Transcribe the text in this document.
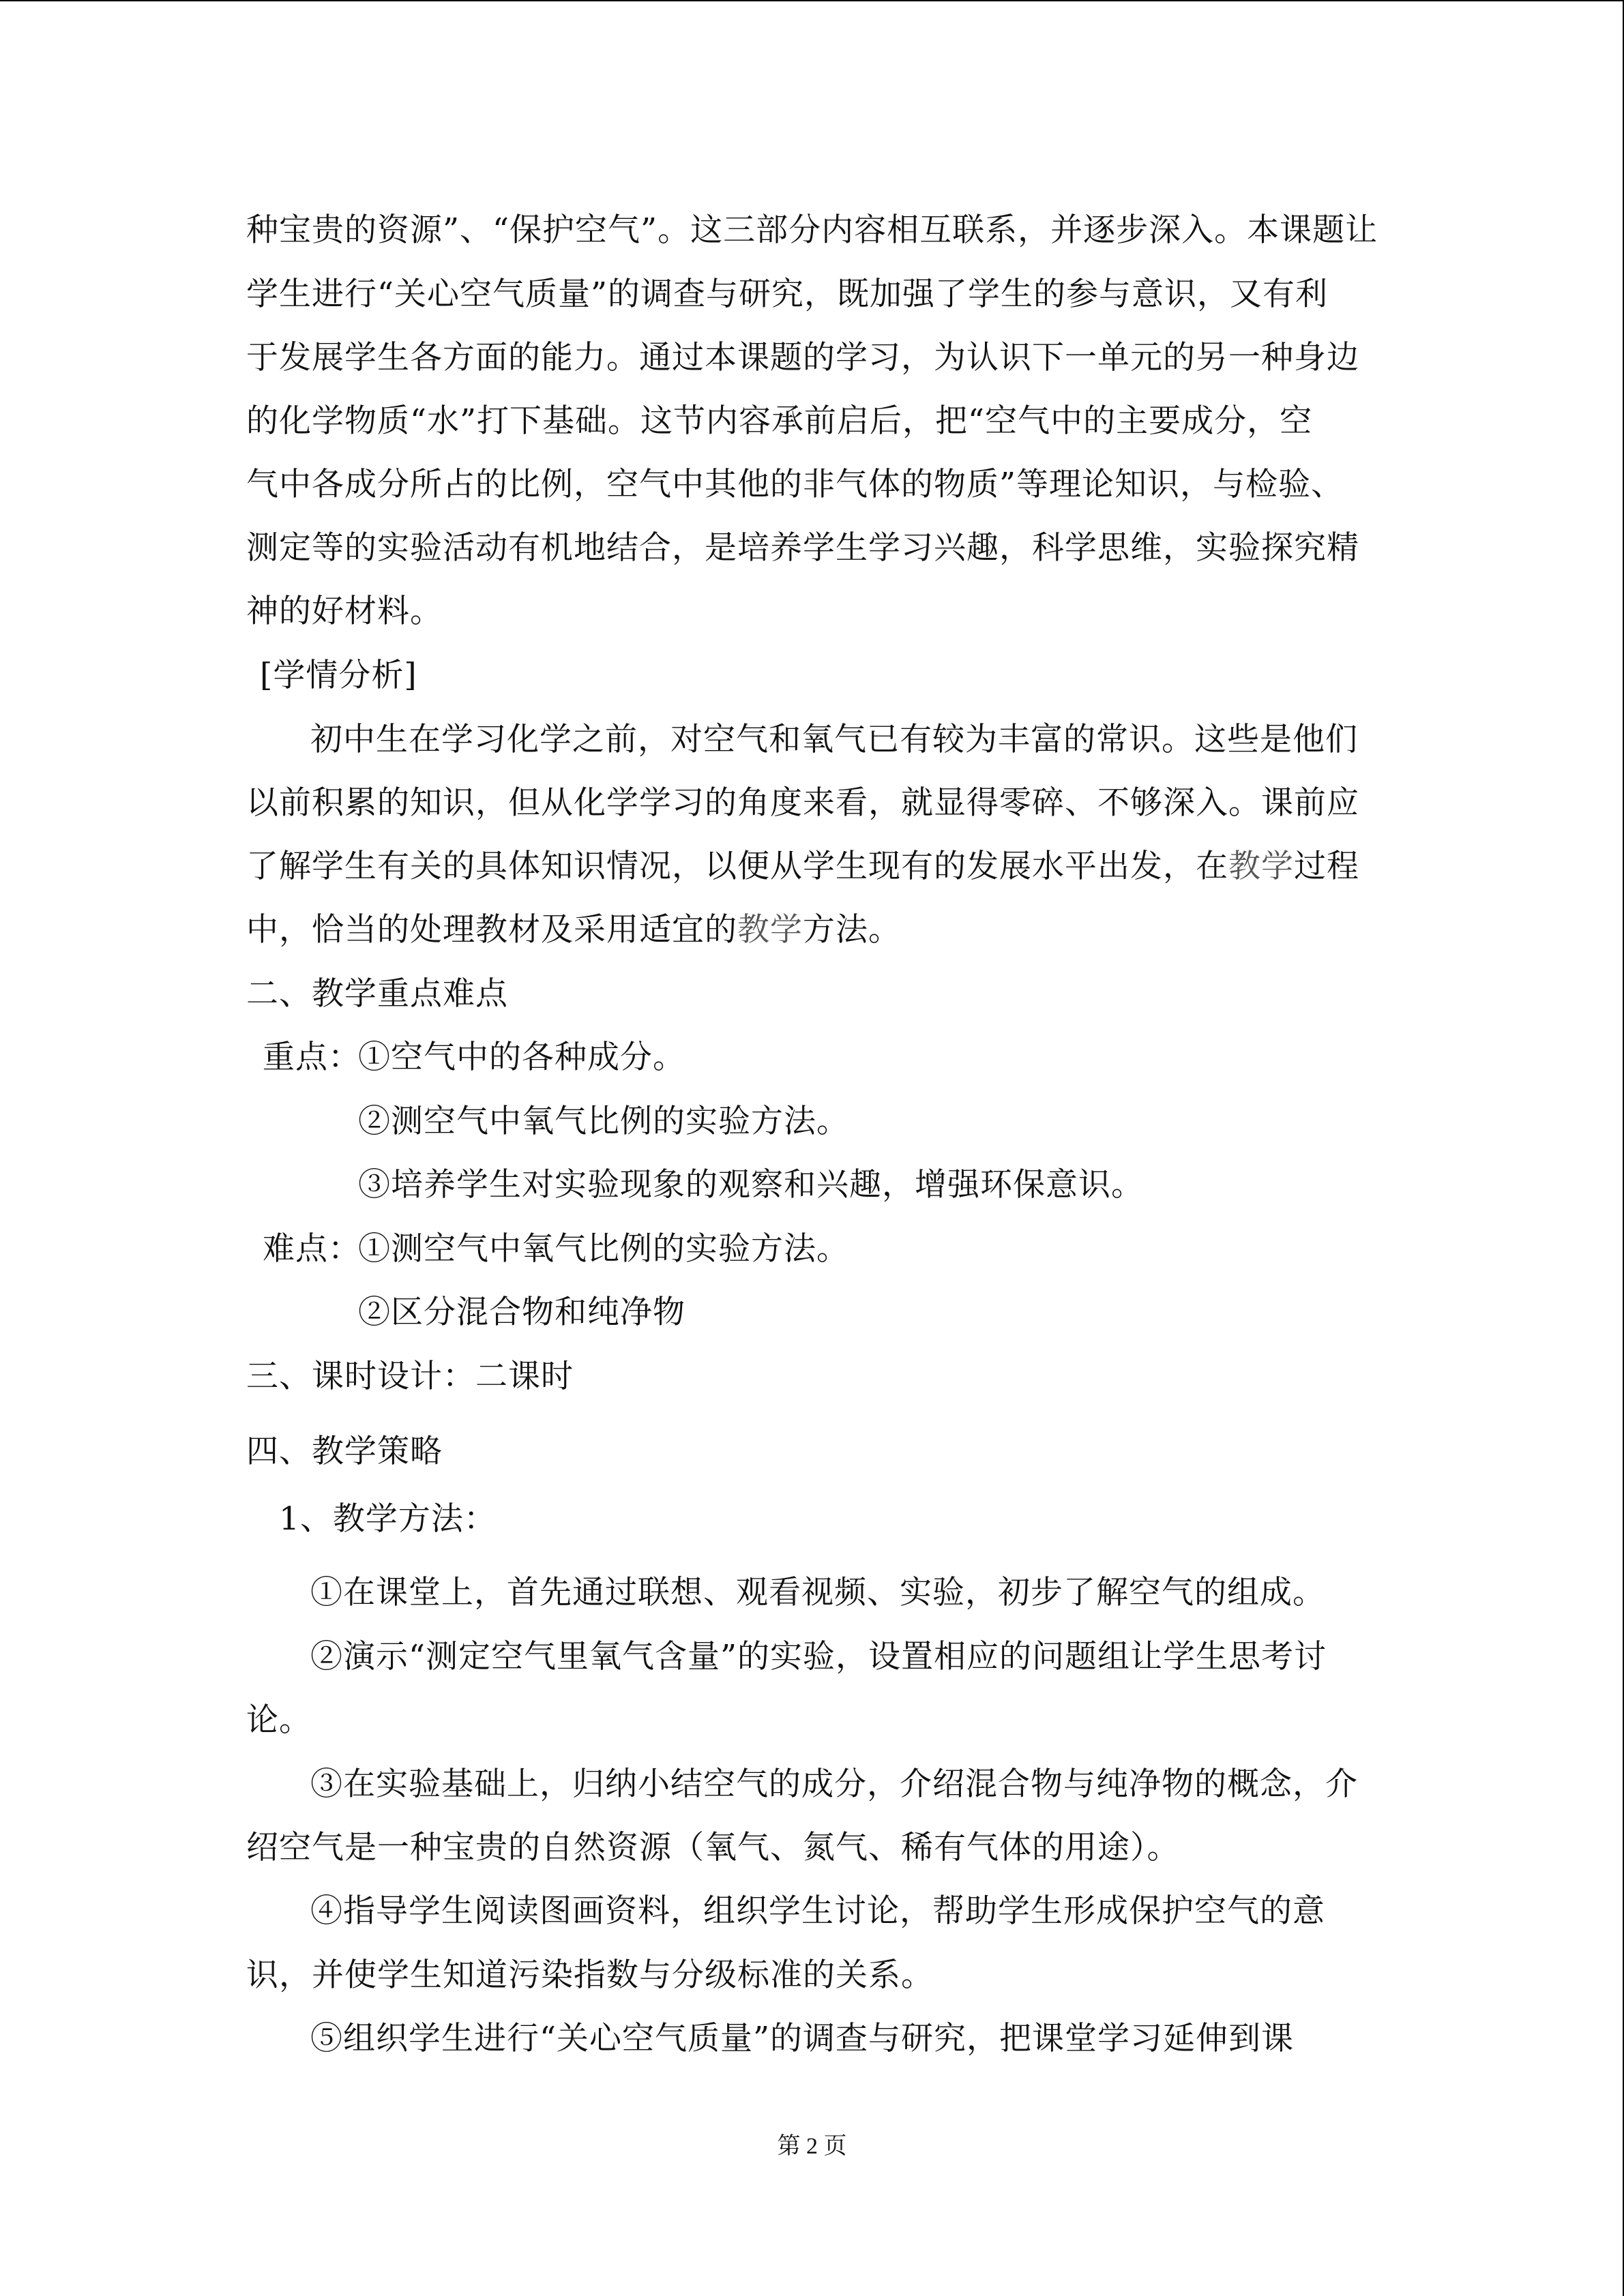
种宝贵的资源”、“保护空气”。这三部分内容相互联系，并逐步深入。本课题让
学生进行“关心空气质量”的调查与研究，既加强了学生的参与意识，又有利
于发展学生各方面的能力。通过本课题的学习，为认识下一单元的另一种身边
的化学物质“水”打下基础。这节内容承前启后，把“空气中的主要成分，空
气中各成分所占的比例，空气中其他的非气体的物质”等理论知识，与检验、
测定等的实验活动有机地结合，是培养学生学习兴趣，科学思维，实验探究精
神的好材料。
[学情分析]
初中生在学习化学之前，对空气和氧气已有较为丰富的常识。这些是他们
以前积累的知识，但从化学学习的角度来看，就显得零碎、不够深入。课前应
了解学生有关的具体知识情况，以便从学生现有的发展水平出发，在教学过程
中，恰当的处理教材及采用适宜的教学方法。
二、教学重点难点
重点：
①空气中的各种成分。
②测空气中氧气比例的实验方法。
③培养学生对实验现象的观察和兴趣，增强环保意识。
难点：
①测空气中氧气比例的实验方法。
②区分混合物和纯净物
三、课时设计：二课时
四、教学策略
1、教学方法：
①在课堂上，首先通过联想、观看视频、实验，初步了解空气的组成。
②演示“测定空气里氧气含量”的实验，设置相应的问题组让学生思考讨
论。
③在实验基础上，归纳小结空气的成分，介绍混合物与纯净物的概念，介
绍空气是一种宝贵的自然资源（氧气、氮气、稀有气体的用途）。
④指导学生阅读图画资料，组织学生讨论，帮助学生形成保护空气的意
识，并使学生知道污染指数与分级标准的关系。
⑤组织学生进行“关心空气质量”的调查与研究，把课堂学习延伸到课
第 2 页
